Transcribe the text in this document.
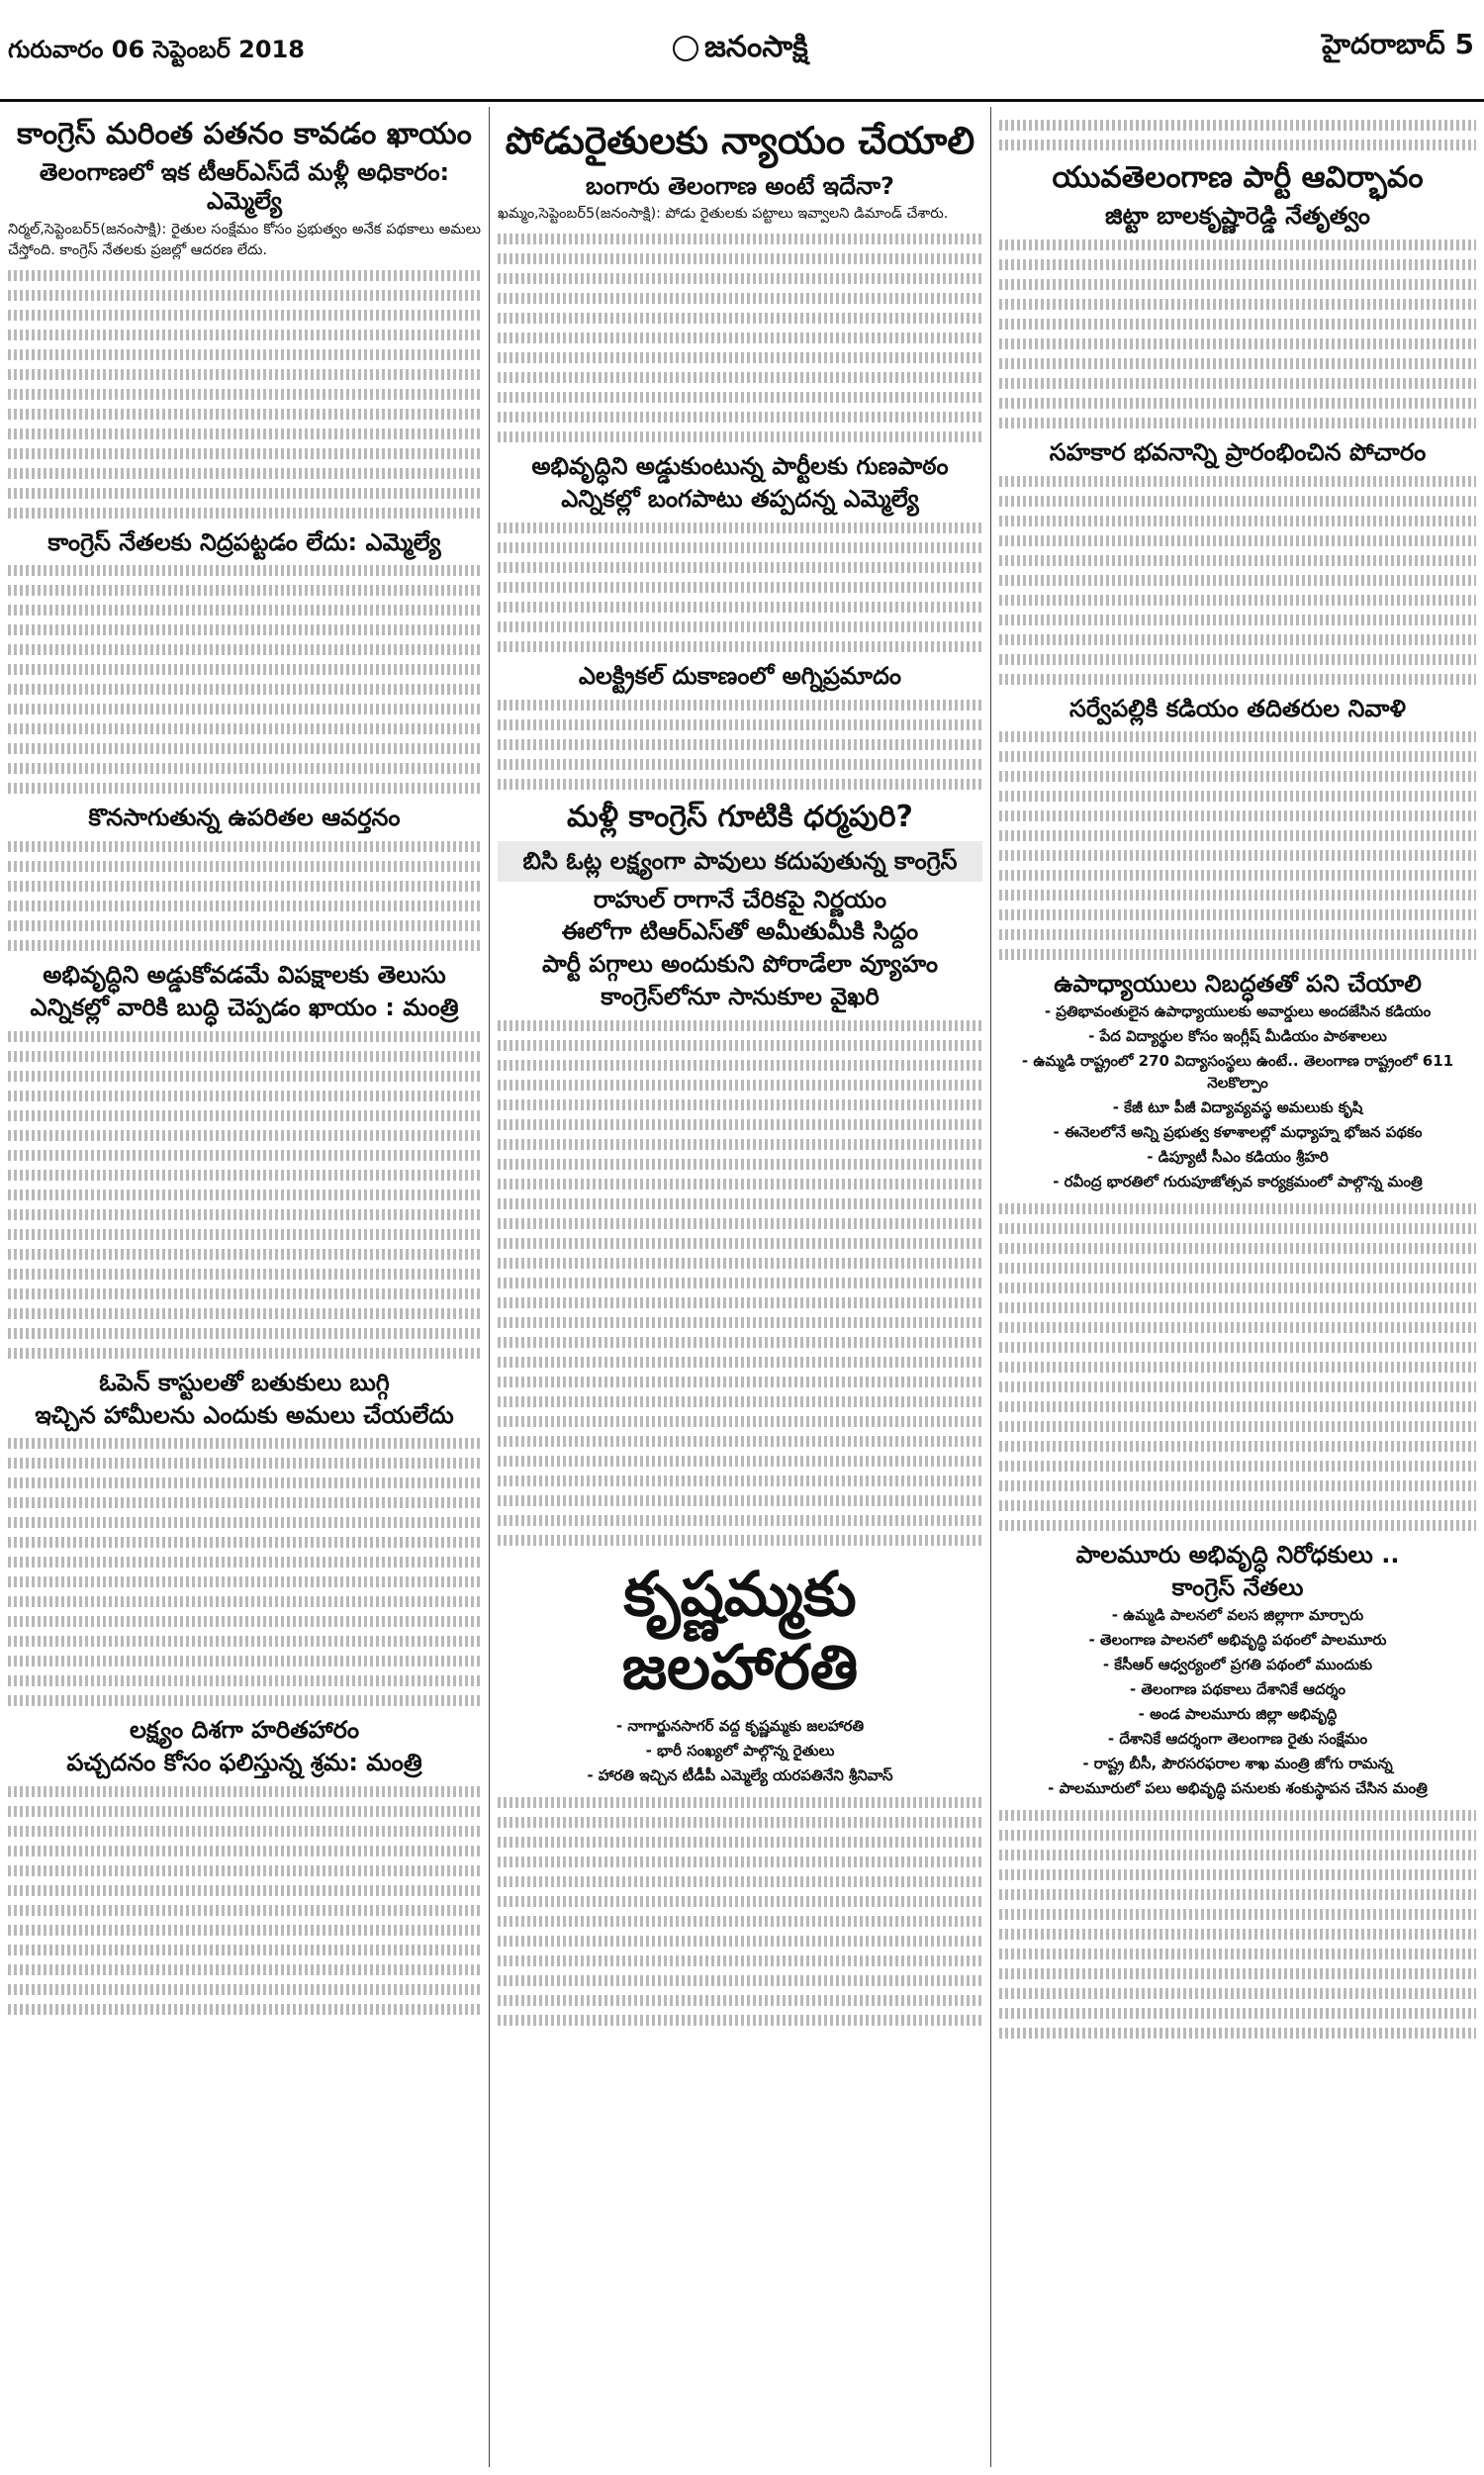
గురువారం 06 సెప్టెంబర్ 2018	జనంసాక్షి	హైదరాబాద్ 5
కాంగ్రెస్ మరింత పతనం కావడం ఖాయం
తెలంగాణలో ఇక టీఆర్ఎస్‌దే మళ్లీ అధికారం: ఎమ్మెల్యే

నిర్మల్,సెప్టెంబర్5(జనంసాక్షి): రైతుల సంక్షేమం కోసం ప్రభుత్వం అనేక పథకాలు అమలు చేస్తోంది. కాంగ్రెస్ నేతలకు ప్రజల్లో ఆదరణ లేదు.

కాంగ్రెస్ నేతలకు నిద్రపట్టడం లేదు: ఎమ్మెల్యే
కొనసాగుతున్న ఉపరితల ఆవర్తనం
అభివృద్ధిని అడ్డుకోవడమే విపక్షాలకు తెలుసు
ఎన్నికల్లో వారికి బుద్ధి చెప్పడం ఖాయం : మంత్రి
ఓపెన్ కాస్టులతో బతుకులు బుగ్గి
ఇచ్చిన హామీలను ఎందుకు అమలు చేయలేదు
లక్ష్యం దిశగా హరితహారం
పచ్చదనం కోసం ఫలిస్తున్న శ్రమ: మంత్రి
పోడురైతులకు న్యాయం చేయాలి
బంగారు తెలంగాణ అంటే ఇదేనా?

ఖమ్మం,సెప్టెంబర్5(జనంసాక్షి): పోడు రైతులకు పట్టాలు ఇవ్వాలని డిమాండ్ చేశారు.

అభివృద్ధిని అడ్డుకుంటున్న పార్టీలకు గుణపాఠం
ఎన్నికల్లో బంగపాటు తప్పదన్న ఎమ్మెల్యే
ఎలక్ట్రికల్ దుకాణంలో అగ్నిప్రమాదం
మళ్లీ కాంగ్రెస్ గూటికి ధర్మపురి?
బిసి ఓట్ల లక్ష్యంగా పావులు కదుపుతున్న కాంగ్రెస్
రాహుల్ రాగానే చేరికపై నిర్ణయం
ఈలోగా టిఆర్ఎస్‌తో అమీతుమీకి సిద్దం
పార్టీ పగ్గాలు అందుకుని పోరాడేలా వ్యూహం
కాంగ్రెస్‌లోనూ సానుకూల వైఖరి
కృష్ణమ్మకు జలహారతి
- నాగార్జునసాగర్ వద్ద కృష్ణమ్మకు జలహారతి
- భారీ సంఖ్యలో పాల్గొన్న రైతులు
- హారతి ఇచ్చిన టీడీపీ ఎమ్మెల్యే యరపతినేని శ్రీనివాస్
యువతెలంగాణ పార్టీ ఆవిర్భావం
జిట్టా బాలకృష్ణారెడ్డి నేతృత్వం
సహకార భవనాన్ని ప్రారంభించిన పోచారం
సర్వేపల్లికి కడియం తదితరుల నివాళి
ఉపాధ్యాయులు నిబద్ధతతో పని చేయాలి
- ప్రతిభావంతులైన ఉపాధ్యాయులకు అవార్డులు అందజేసిన కడియం
- పేద విద్యార్థుల కోసం ఇంగ్లీష్ మీడియం పాఠశాలలు
- ఉమ్మడి రాష్ట్రంలో 270 విద్యాసంస్థలు ఉంటే.. తెలంగాణ రాష్ట్రంలో 611 నెలకొల్పాం
- కేజీ టూ పీజీ విద్యావ్యవస్థ అమలుకు కృషి
- ఈనెలలోనే అన్ని ప్రభుత్వ కళాశాలల్లో మధ్యాహ్న భోజన పథకం
- డిప్యూటీ సీఎం కడియం శ్రీహరి
- రవీంద్ర భారతిలో గురుపూజోత్సవ కార్యక్రమంలో పాల్గొన్న మంత్రి
పాలమూరు అభివృద్ధి నిరోధకులు ..
కాంగ్రెస్ నేతలు
- ఉమ్మడి పాలనలో వలస జిల్లాగా మార్చారు
- తెలంగాణ పాలనలో అభివృద్ధి పథంలో పాలమూరు
- కేసీఆర్ ఆధ్వర్యంలో ప్రగతి పథంలో ముందుకు
- తెలంగాణ పథకాలు దేశానికే ఆదర్శం
- అండ పాలమూరు జిల్లా అభివృద్ధి
- దేశానికే ఆదర్శంగా తెలంగాణ రైతు సంక్షేమం
- రాష్ట్ర బీసీ, పౌరసరఫరాల శాఖ మంత్రి జోగు రామన్న
- పాలమూరులో పలు అభివృద్ధి పనులకు శంకుస్థాపన చేసిన మంత్రి
